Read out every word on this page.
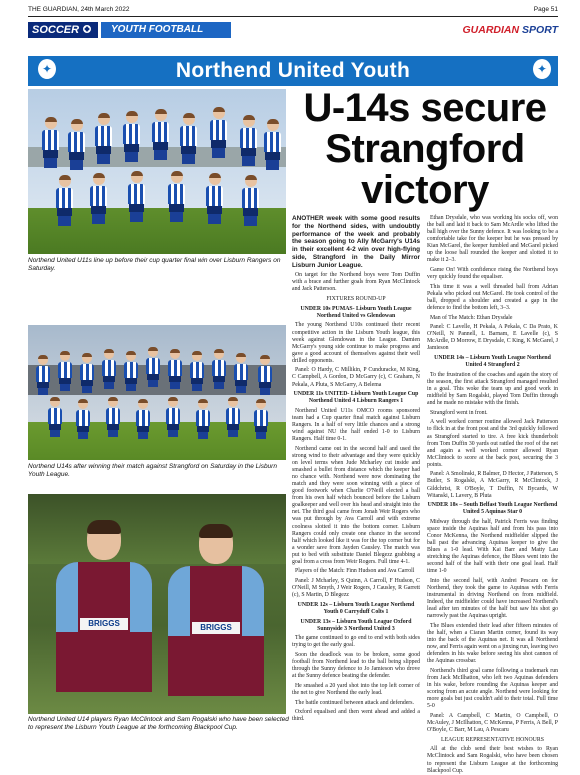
THE GUARDIAN, 24th March 2022	Page 51
SOCCER	YOUTH FOOTBALL	GUARDIAN SPORT
Northend United Youth
✦	✦
Northend United U11s line up before their cup quarter final win over Lisburn Rangers on Saturday.
Northend U14s after winning their match against Strangford on Saturday in the Lisburn Youth League.
BRIGGS	BRIGGS
Northend United U14 players Ryan McClintock and Sam Rogalski who have been selected to represent the Lisburn Youth League at the forthcoming Blackpool Cup.
U-14s secure Strangford victory

ANOTHER week with some good results for the Northend sides, with undoubtly performance of the week and probably the season going to Ally McGarry's U14s in their excellent 4-2 win over high-flying side, Strangford in the Daily Mirror Lisburn Junior League.

On target for the Northend boys were Tom Duffin with a brace and further goals from Ryan McClintock and Jack Patterson.

FIXTURES ROUND-UP

UNDER 10s PUMAS- Lisburn Youth League Northend United vs Glendowan

The young Northend U10s continued their recent competitive action in the Lisburn Youth league, this week against Glendowan in the League. Damien McGarry's young side continue to make progress and gave a good account of themselves against their well drilled opponents.

Panel: O Hardy, C Millikin, P Cunduracke, M King, C Campbell, A Gordon, D McGarry (c), C Graham, N Pekala, A Pluta, S McGarry, A Belema

UNDER 11s UNITED- Lisburn Youth League Cup Northend United 4 Lisburn Rangers 1

Northend United U11s OMCO rooms sponsored team had a Cup quarter final match against Lisburn Rangers. In a half of very little chances and a strong wind against NU the half ended 1-0 to Lisburn Rangers. Half time 0-1.

Northend came out in the second half and used the strong wind to their advantage and they were quickly on level terms when Jude Mcharley cut inside and smashed a bullet from distance which the keeper had no chance with. Northend were now dominating the match and they were soon winning with a piece of good footwork when Charlie O'Neill elected a ball from his own half which bounced before the Lisburn goalkeeper and well over his head and straight into the net. The third goal came from Jonah Weir Rogers who was put through by Ava Carroll and with extreme coolness slotted it into the bottom corner. Lisburn Rangers could only create one chance in the second half which looked like it was for the top corner but for a wonder save from Jayden Causley. The match was put to bed with substitute Daniel Blegezz grabbing a goal from a cross from Weir Rogers. Full time 4-1.

Players of the Match: Finn Hudson and Ava Carroll

Panel: J Mcharley, S Quinn, A Carroll, F Hudson, C O'Neill, M Smyth, J Weir Rogers, J Causley, R Garrett (c), S Martin, D Blegezz

UNDER 12s – Lisburn Youth League Northend Youth 0 Carryduff Colts 1

UNDER 13s – Lisburn Youth League Oxford Sunnyside 3 Northend United 3

The game continued to go end to end with both sides trying to get the early goal.

Soon the deadlock was to be broken, some good football from Northend lead to the ball being slipped through the Sunny defence to Jo Jamieson who drove at the Sunny defence beating the defender.

He smashed a 20 yard shot into the top left corner of the net to give Northend the early lead.

The battle continued between attack and defenders.

Oxford equalised and then went ahead and added a third.

Ethan Drysdale, who was working his socks off, won the ball and laid it back to Sam McArdle who lifted the ball high over the Sunny defence. It was looking to be a comfortable take for the keeper but he was pressed by Kian McGarel, the keeper fumbled and McGarel picked up the loose ball rounded the keeper and slotted it to make it 2–3.

Game On! With confidence rising the Northend boys very quickly found the equaliser.

This time it was a well threaded ball from Adrian Pekala who picked out McGarel. He took control of the ball, dropped a shoulder and created a gap in the defence to find the bottom left, 3–3.

Man of The Match: Ethan Drysdale

Panel: C Lavelle, H Pekala, A Pekala, C Da Prato, K O'Neill, N Pannell, L Barnam, E Lavelle (c), S McArdle, D Morrow, E Drysdale, C King, K McGarel, J Jamieson

UNDER 14s – Lisburn Youth League Northend United 4 Strangford 2

To the frustration of the coaches and again the story of the season, the first attack Strangford managed resulted in a goal. This woke the team up and good work in midfield by Sam Rogalski, played Tom Duffin through and he made no mistake with the finish.

Strangford went in front.

A well worked corner routine allowed Jack Patterson to flick in at the front post and the 3rd quickly followed as Strangford started to tire. A free kick thunderbolt from Tom Duffin 30 yards out rattled the roof of the net and again a well worked corner allowed Ryan McClintock to score at the back post, securing the 3 points.

Panel: A Smolinski, R Balmer, D Hector, J Patterson, S Butler, S Rogalski, A McGarry, R McClintock, J Gildchrist, R O'Boyle, T Duffin, N Bycards, W Witanski, L Lavery, B Pluta

UNDER 18s – South Belfast Youth League Northend United 5 Aquinas Star 0

Midway through the half, Patrick Ferris was finding space inside the Aquinas half and from his pass into Conor McKenna, the Northend midfielder slipped the ball past the advancing Aquinas keeper to give the Blues a 1-0 lead. With Kai Barr and Matty Lau stretching the Aquinas defence, the Blues went into the second half of the half with their one goal lead. Half time 1-0

Into the second half, with Andrei Pescaru on for Northend, they took the game to Aquinas with Ferris instrumental in driving Northend on from midfield. Indeed, the midfielder could have increased Northend's lead after ten minutes of the half but saw his shot go narrowly past the Aquinas upright.

The Blues extended their lead after fifteen minutes of the half, when a Ciaran Martin corner, found its way into the back of the Aquinas net. It was all Northend now, and Ferris again went on a jinxing run, leaving two defenders in his wake before seeing his shot cannon of the Aquinas crossbar.

Northend's third goal came following a trademark run from Jack McIlhatton, who left two Aquinas defenders in his wake, before rounding the Aquinas keeper and scoring from an acute angle. Northend were looking for more goals but just couldn't add to their total. Full time 5-0

Panel: A Campbell, C Martin, O Campbell, O McAuley, J McIlhatton, C McKenna, P Ferris, A Bell, P O'Boyle, C Barr, M Lau, A Pescaru

LEAGUE REPRESENTATIVE HONOURS

All at the club send their best wishes to Ryan McClintock and Sam Rogalski, who have been chosen to represent the Lisburn League at the forthcoming Blackpool Cup.
